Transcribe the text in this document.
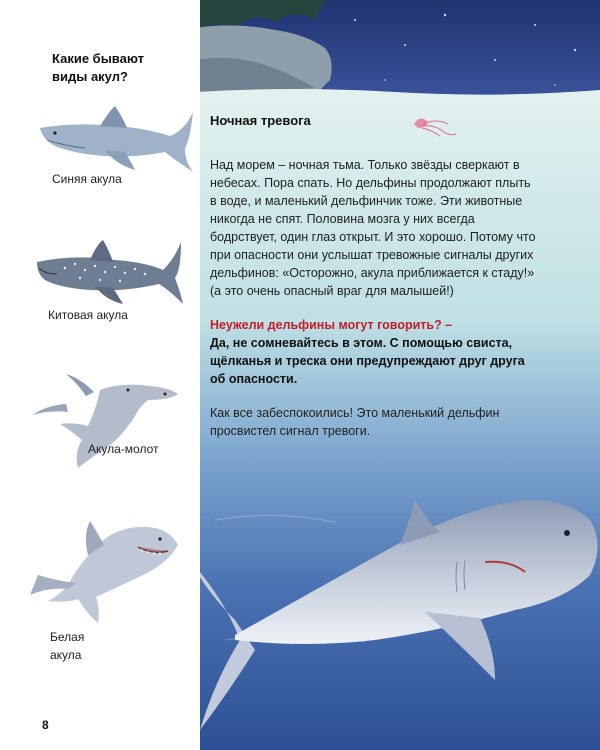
Какие бывают
виды акул?
Синяя акула
Китовая акула
Акула-молот
Белая
акула
8

Ночная тревога

Над морем – ночная тьма. Только звёзды сверкают в небесах. Пора спать. Но дельфины продолжают плыть в воде, и маленький дельфинчик тоже. Эти животные никогда не спят. Половина мозга у них всегда бодрствует, один глаз открыт. И это хорошо. Потому что при опасности они услышат тревожные сигналы других дельфинов: «Осторожно, акула приближается к стаду!» (а это очень опасный враг для малышей!)

Неужели дельфины могут говорить? –

Да, не сомневайтесь в этом. С помощью свиста, щёлканья и треска они предупреждают друг друга об опасности.

Как все забеспокоились! Это маленький дельфин просвистел сигнал тревоги.
